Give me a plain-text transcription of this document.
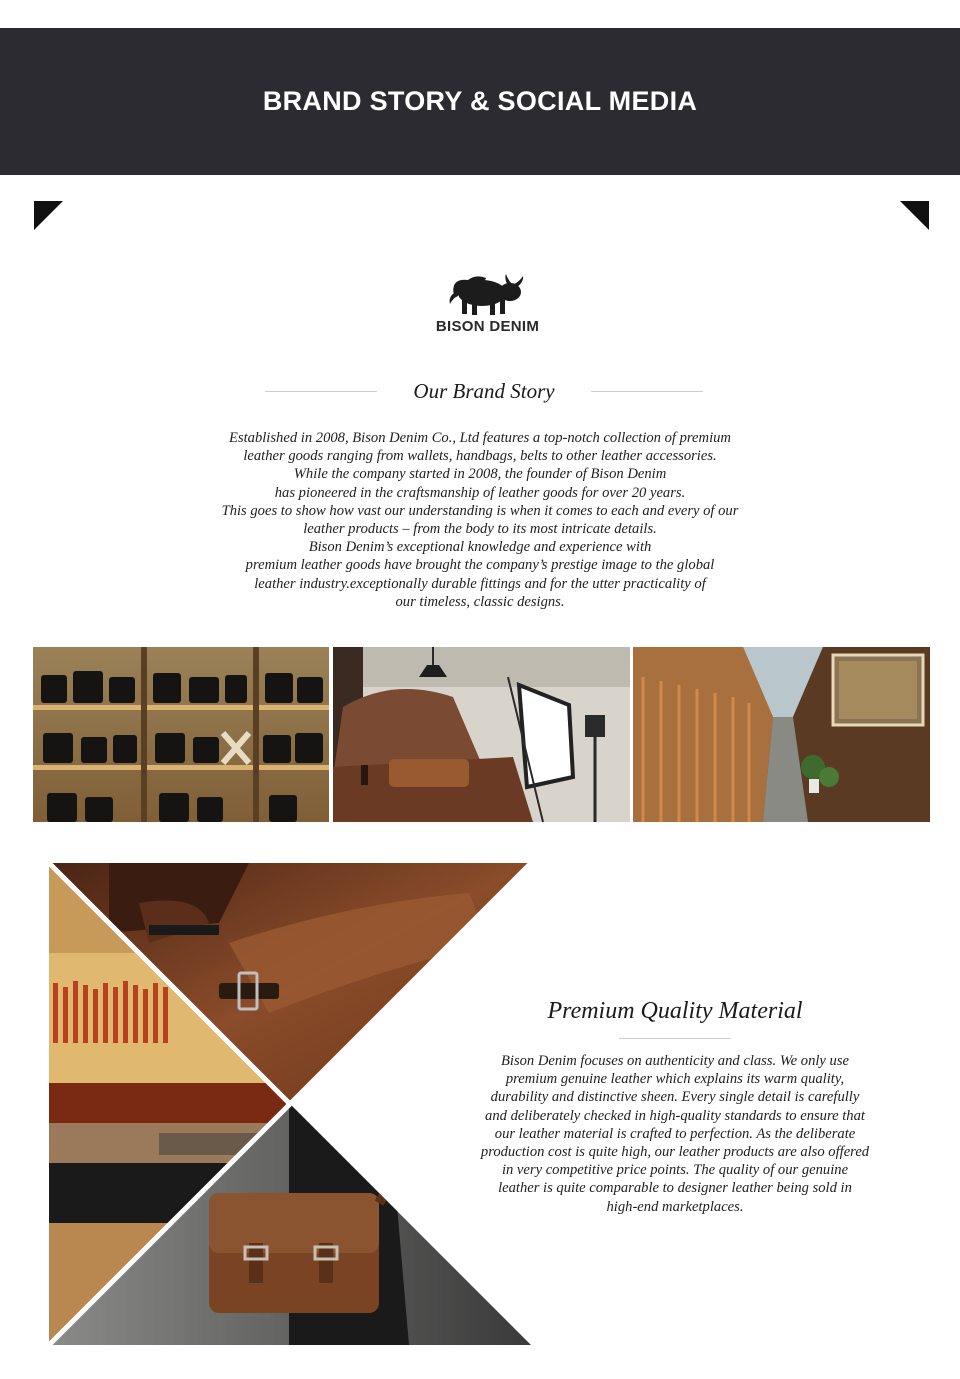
BRAND STORY & SOCIAL MEDIA
BISON DENIM
Our Brand Story
Established in 2008, Bison Denim Co., Ltd features a top-notch collection of premium
leather goods ranging from wallets, handbags, belts to other leather accessories.
While the company started in 2008, the founder of Bison Denim
has pioneered in the craftsmanship of leather goods for over 20 years.
This goes to show how vast our understanding is when it comes to each and every of our
leather products – from the body to its most intricate details.
Bison Denim’s exceptional knowledge and experience with
premium leather goods have brought the company’s prestige image to the global
leather industry.exceptionally durable fittings and for the utter practicality of
our timeless, classic designs.
Premium Quality Material
Bison Denim focuses on authenticity and class. We only use
premium genuine leather which explains its warm quality,
durability and distinctive sheen. Every single detail is carefully
and deliberately checked in high-quality standards to ensure that
our leather material is crafted to perfection. As the deliberate
production cost is quite high, our leather products are also offered
in very competitive price points. The quality of our genuine
leather is quite comparable to designer leather being sold in
high-end marketplaces.
